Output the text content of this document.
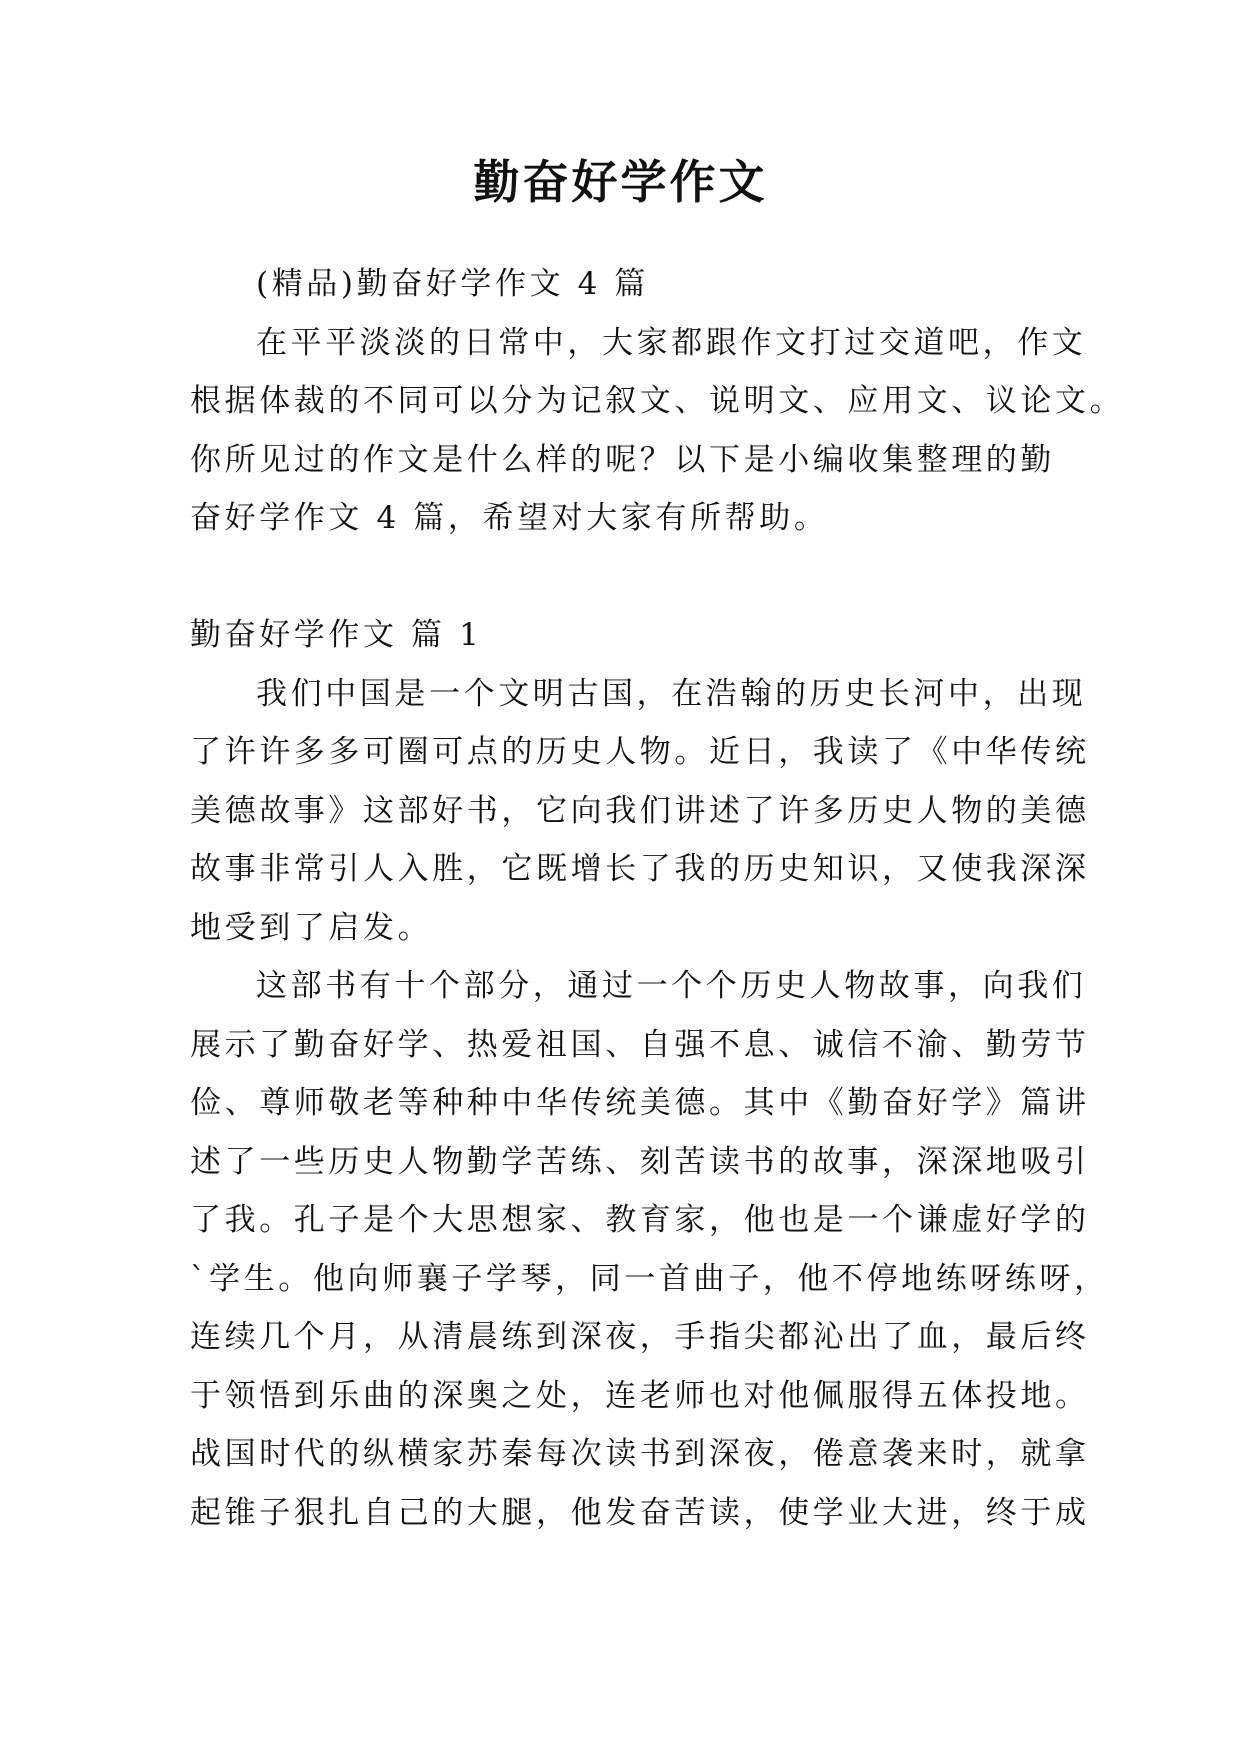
勤奋好学作文
(精品)勤奋好学作文 4 篇
在平平淡淡的日常中，大家都跟作文打过交道吧，作文
根据体裁的不同可以分为记叙文、说明文、应用文、议论文。
你所见过的作文是什么样的呢？以下是小编收集整理的勤
奋好学作文 4 篇，希望对大家有所帮助。
勤奋好学作文 篇 1
我们中国是一个文明古国，在浩翰的历史长河中，出现
了许许多多可圈可点的历史人物。近日，我读了《中华传统
美德故事》这部好书，它向我们讲述了许多历史人物的美德
故事非常引人入胜，它既增长了我的历史知识，又使我深深
地受到了启发。
这部书有十个部分，通过一个个历史人物故事，向我们
展示了勤奋好学、热爱祖国、自强不息、诚信不渝、勤劳节
俭、尊师敬老等种种中华传统美德。其中《勤奋好学》篇讲
述了一些历史人物勤学苦练、刻苦读书的故事，深深地吸引
了我。孔子是个大思想家、教育家，他也是一个谦虚好学的
`学生。他向师襄子学琴，同一首曲子，他不停地练呀练呀，
连续几个月，从清晨练到深夜，手指尖都沁出了血，最后终
于领悟到乐曲的深奥之处，连老师也对他佩服得五体投地。
战国时代的纵横家苏秦每次读书到深夜，倦意袭来时，就拿
起锥子狠扎自己的大腿，他发奋苦读，使学业大进，终于成
